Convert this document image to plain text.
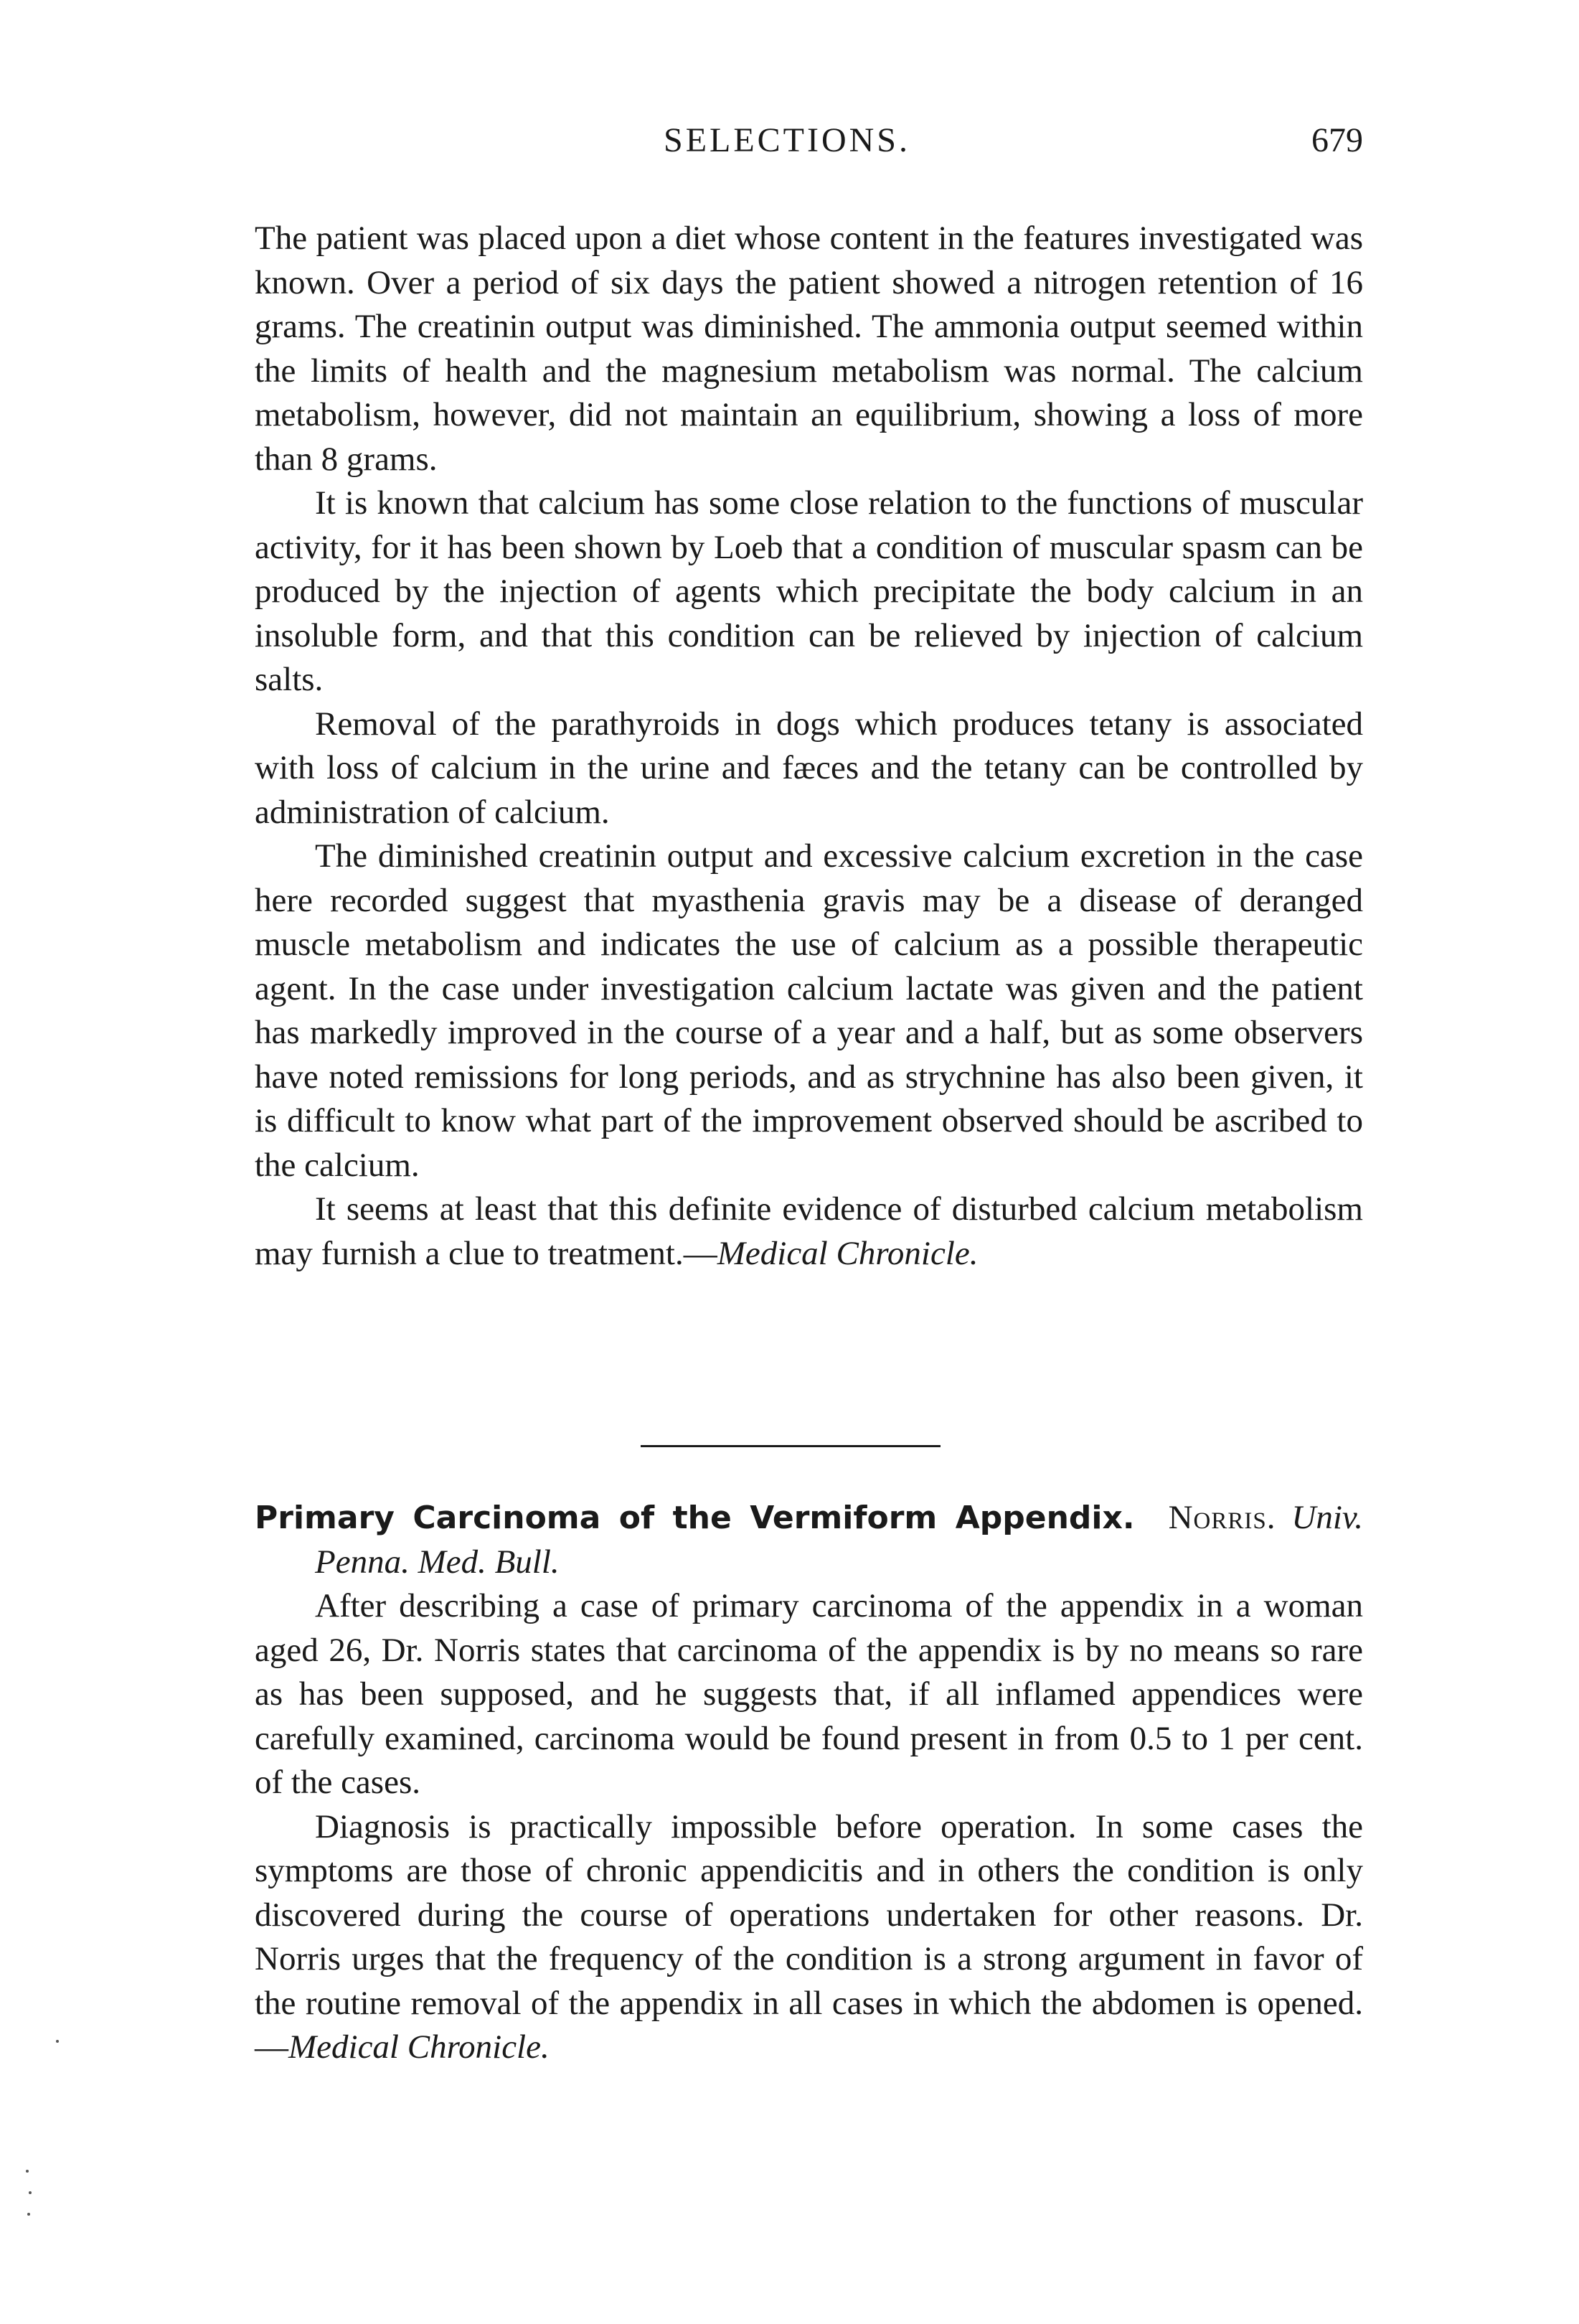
SELECTIONS.	679

The patient was placed upon a diet whose content in the features investigated was known. Over a period of six days the patient showed a nitrogen retention of 16 grams. The creatinin output was diminished. The ammonia output seemed within the limits of health and the magnesium metabolism was normal. The calcium metabolism, however, did not maintain an equilibrium, showing a loss of more than 8 grams.

It is known that calcium has some close relation to the functions of muscular activity, for it has been shown by Loeb that a condition of muscular spasm can be produced by the injection of agents which precipitate the body calcium in an insoluble form, and that this condition can be relieved by injection of calcium salts.

Removal of the parathyroids in dogs which produces tetany is associated with loss of calcium in the urine and fæces and the tetany can be controlled by administration of calcium.

The diminished creatinin output and excessive calcium excretion in the case here recorded suggest that myasthenia gravis may be a disease of deranged muscle metabolism and indicates the use of calcium as a possible therapeutic agent. In the case under investigation calcium lactate was given and the patient has markedly improved in the course of a year and a half, but as some observers have noted remissions for long periods, and as strychnine has also been given, it is difficult to know what part of the improvement observed should be ascribed to the calcium.

It seems at least that this definite evidence of disturbed calcium metabolism may furnish a clue to treatment.—Medical Chronicle.

Primary Carcinoma of the Vermiform Appendix.  Norris. Univ. Penna. Med. Bull.

After describing a case of primary carcinoma of the appendix in a woman aged 26, Dr. Norris states that carcinoma of the appendix is by no means so rare as has been supposed, and he suggests that, if all inflamed appendices were carefully examined, carcinoma would be found present in from 0.5 to 1 per cent. of the cases.

Diagnosis is practically impossible before operation. In some cases the symptoms are those of chronic appendicitis and in others the condition is only discovered during the course of operations undertaken for other reasons. Dr. Norris urges that the frequency of the condition is a strong argument in favor of the routine removal of the appendix in all cases in which the abdomen is opened.—Medical Chronicle.
